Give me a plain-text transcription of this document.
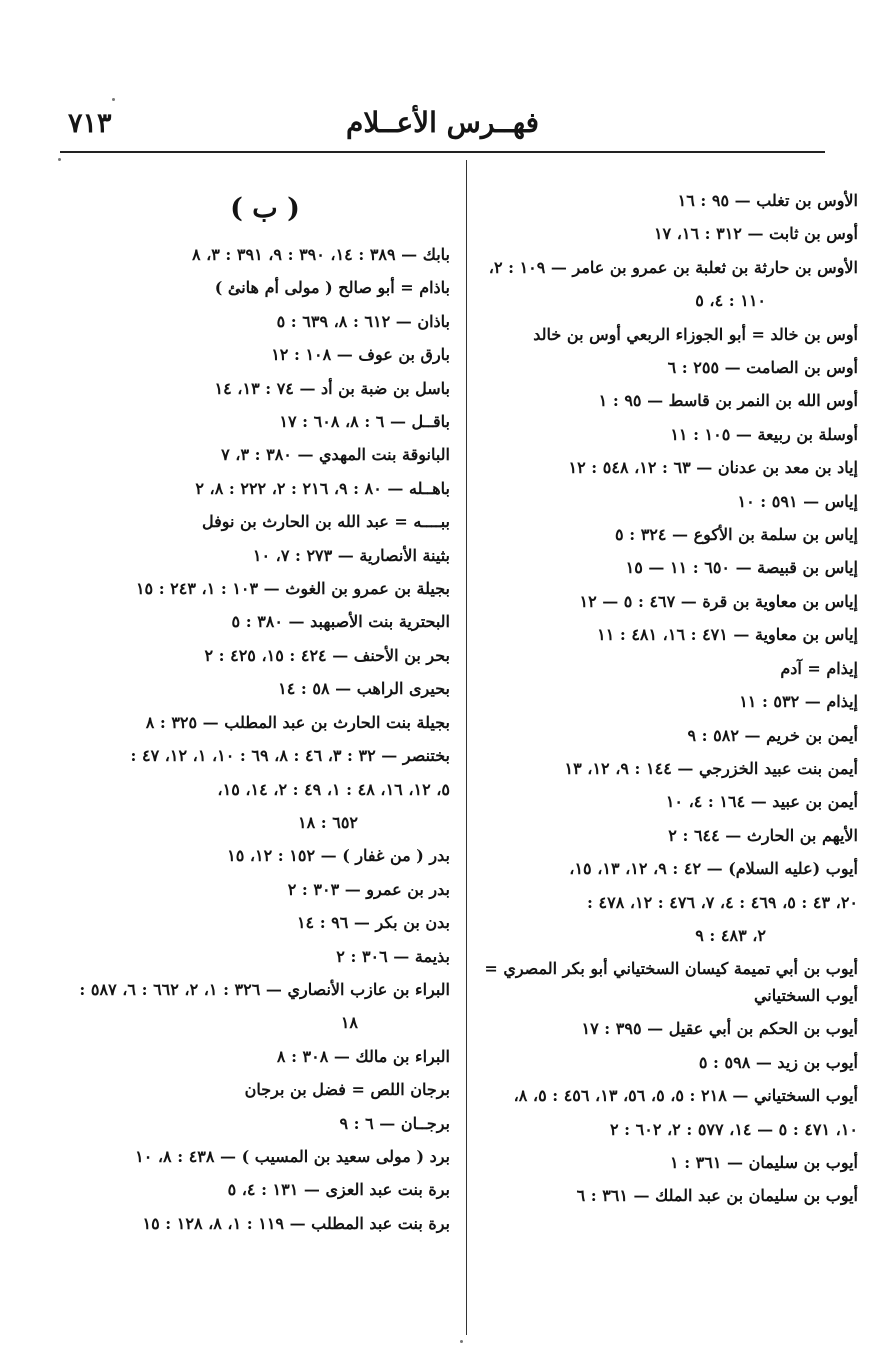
٧١٣	فهــرس الأعــلام
الأوس بن تغلب — ٩٥ : ١٦
أوس بن ثابت — ٣١٢ : ١٦، ١٧
الأوس بن حارثة بن ثعلبة بن عمرو بن عامر — ١٠٩ : ٢،
١١٠ : ٤، ٥
أوس بن خالد = أبو الجوزاء الربعي أوس بن خالد
أوس بن الصامت — ٢٥٥ : ٦
أوس الله بن النمر بن قاسط — ٩٥ : ١
أوسلة بن ربيعة — ١٠٥ : ١١
إياد بن معد بن عدنان — ٦٣ : ١٢، ٥٤٨ : ١٢
إياس — ٥٩١ : ١٠
إياس بن سلمة بن الأكوع — ٣٢٤ : ٥
إياس بن قبيصة — ٦٥٠ : ١١ — ١٥
إياس بن معاوية بن قرة — ٤٦٧ : ٥ — ١٢
إياس بن معاوية — ٤٧١ : ١٦، ٤٨١ : ١١
إيذام = آدم
إيذام — ٥٣٢ : ١١
أيمن بن خريم — ٥٨٢ : ٩
أيمن بنت عبيد الخزرجي — ١٤٤ : ٩، ١٢، ١٣
أيمن بن عبيد — ١٦٤ : ٤، ١٠
الأيهم بن الحارث — ٦٤٤ : ٢
أيوب (عليه السلام) — ٤٢ : ٩، ١٢، ١٣، ١٥،
٢٠، ٤٣ : ٥، ٤٦٩ : ٤، ٧، ٤٧٦ : ١٢، ٤٧٨ :
٢، ٤٨٣ : ٩
أيوب بن أبي تميمة كيسان السختياني أبو بكر المصري = أيوب السختياني
أيوب بن الحكم بن أبي عقيل — ٣٩٥ : ١٧
أيوب بن زيد — ٥٩٨ : ٥
أيوب السختياني — ٢١٨ : ٥، ٥، ٥٦، ١٣، ٤٥٦ : ٥، ٨،
١٠، ٤٧١ : ٥ — ١٤، ٥٧٧ : ٢، ٦٠٢ : ٢
أيوب بن سليمان — ٣٦١ : ١
أيوب بن سليمان بن عبد الملك — ٣٦١ : ٦
( ب )
بابك — ٣٨٩ : ١٤، ٣٩٠ : ٩، ٣٩١ : ٣، ٨
باذام = أبو صالح ( مولى أم هانئ )
باذان — ٦١٢ : ٨، ٦٣٩ : ٥
بارق بن عوف — ١٠٨ : ١٢
باسل بن ضبة بن أد — ٧٤ : ١٣، ١٤
باقــل — ٦ : ٨، ٦٠٨ : ١٧
البانوقة بنت المهدي — ٣٨٠ : ٣، ٧
باهــله — ٨٠ : ٩، ٢١٦ : ٢، ٢٢٢ : ٨، ٢
ببــــه = عبد الله بن الحارث بن نوفل
بثينة الأنصارية — ٢٧٣ : ٧، ١٠
بجيلة بن عمرو بن الغوث — ١٠٣ : ١، ٢٤٣ : ١٥
البحترية بنت الأصبهبد — ٣٨٠ : ٥
بحر بن الأحنف — ٤٢٤ : ١٥، ٤٢٥ : ٢
بحيرى الراهب — ٥٨ : ١٤
بجيلة بنت الحارث بن عبد المطلب — ٣٢٥ : ٨
بختنصر — ٣٢ : ٣، ٤٦ : ٨، ٦٩ : ١٠، ١، ١٢، ٤٧ :
٥، ١٢، ١٦، ٤٨ : ١، ٤٩ : ٢، ١٤، ١٥،
٦٥٢ : ١٨
بدر ( من غفار ) — ١٥٢ : ١٢، ١٥
بدر بن عمرو — ٣٠٣ : ٢
بدن بن بكر — ٩٦ : ١٤
بذيمة — ٣٠٦ : ٢
البراء بن عازب الأنصاري — ٣٢٦ : ١، ٢، ٦٦٢ : ٦، ٥٨٧ :
١٨
البراء بن مالك — ٣٠٨ : ٨
برجان اللص = فضل بن برجان
برجــان — ٦ : ٩
برد ( مولى سعيد بن المسيب ) — ٤٣٨ : ٨، ١٠
برة بنت عبد العزى — ١٣١ : ٤، ٥
برة بنت عبد المطلب — ١١٩ : ١، ٨، ١٢٨ : ١٥
